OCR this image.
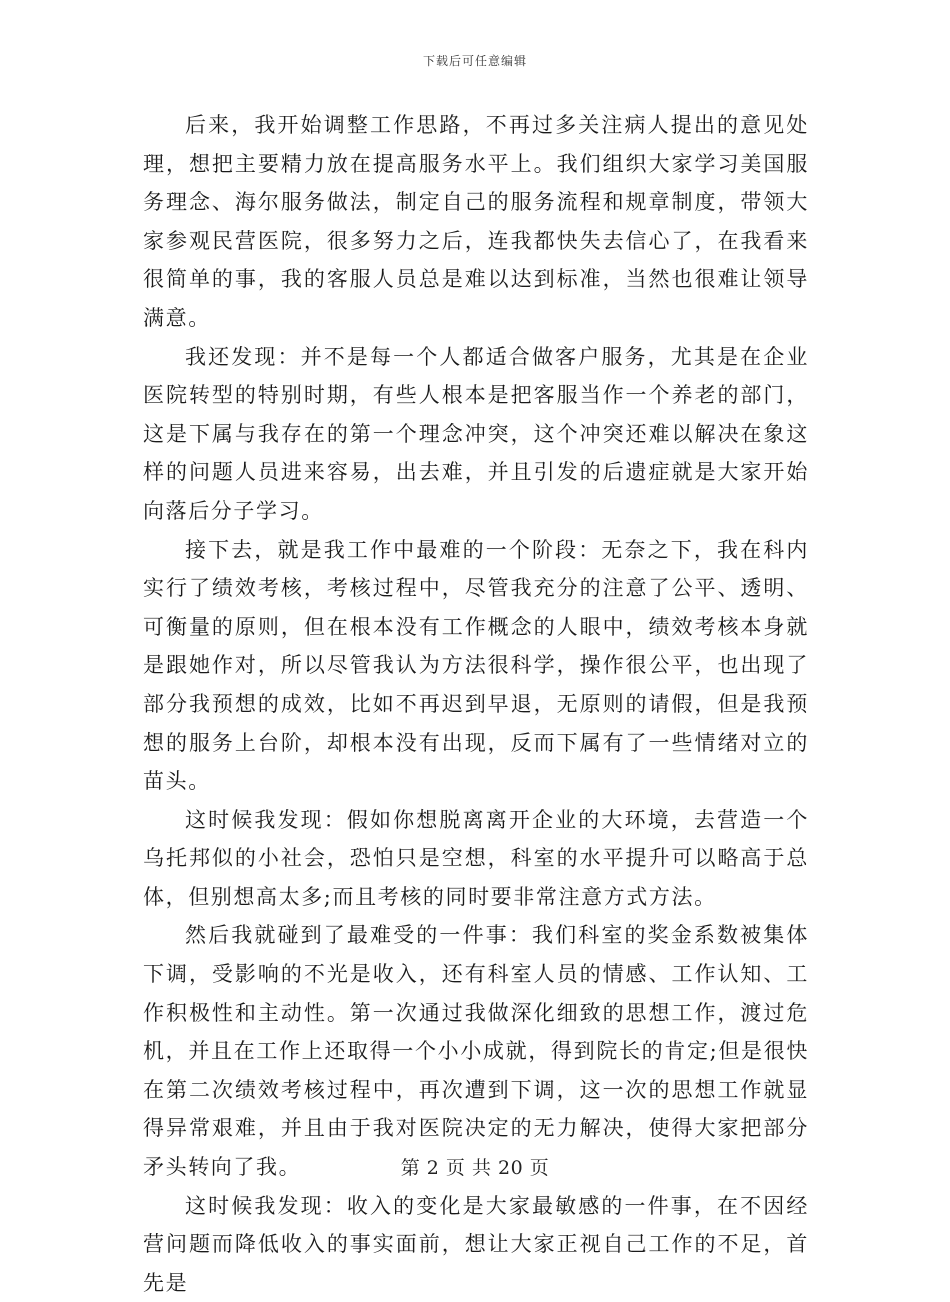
下载后可任意编辑

后来，我开始调整工作思路，不再过多关注病人提出的意见处理，想把主要精力放在提高服务水平上。我们组织大家学习美国服务理念、海尔服务做法，制定自己的服务流程和规章制度，带领大家参观民营医院，很多努力之后，连我都快失去信心了，在我看来很简单的事，我的客服人员总是难以达到标准，当然也很难让领导满意。

我还发现：并不是每一个人都适合做客户服务，尤其是在企业医院转型的特别时期，有些人根本是把客服当作一个养老的部门，这是下属与我存在的第一个理念冲突，这个冲突还难以解决在象这样的问题人员进来容易，出去难，并且引发的后遗症就是大家开始向落后分子学习。

接下去，就是我工作中最难的一个阶段：无奈之下，我在科内实行了绩效考核，考核过程中，尽管我充分的注意了公平、透明、可衡量的原则，但在根本没有工作概念的人眼中，绩效考核本身就是跟她作对，所以尽管我认为方法很科学，操作很公平，也出现了部分我预想的成效，比如不再迟到早退，无原则的请假，但是我预想的服务上台阶，却根本没有出现，反而下属有了一些情绪对立的苗头。

这时候我发现：假如你想脱离离开企业的大环境，去营造一个乌托邦似的小社会，恐怕只是空想，科室的水平提升可以略高于总体，但别想高太多;而且考核的同时要非常注意方式方法。

然后我就碰到了最难受的一件事：我们科室的奖金系数被集体下调，受影响的不光是收入，还有科室人员的情感、工作认知、工作积极性和主动性。第一次通过我做深化细致的思想工作，渡过危机，并且在工作上还取得一个小小成就，得到院长的肯定;但是很快在第二次绩效考核过程中，再次遭到下调，这一次的思想工作就显得异常艰难，并且由于我对医院决定的无力解决，使得大家把部分矛头转向了我。

这时候我发现：收入的变化是大家最敏感的一件事，在不因经营问题而降低收入的事实面前，想让大家正视自己工作的不足，首先是

第 2 页 共 20 页
